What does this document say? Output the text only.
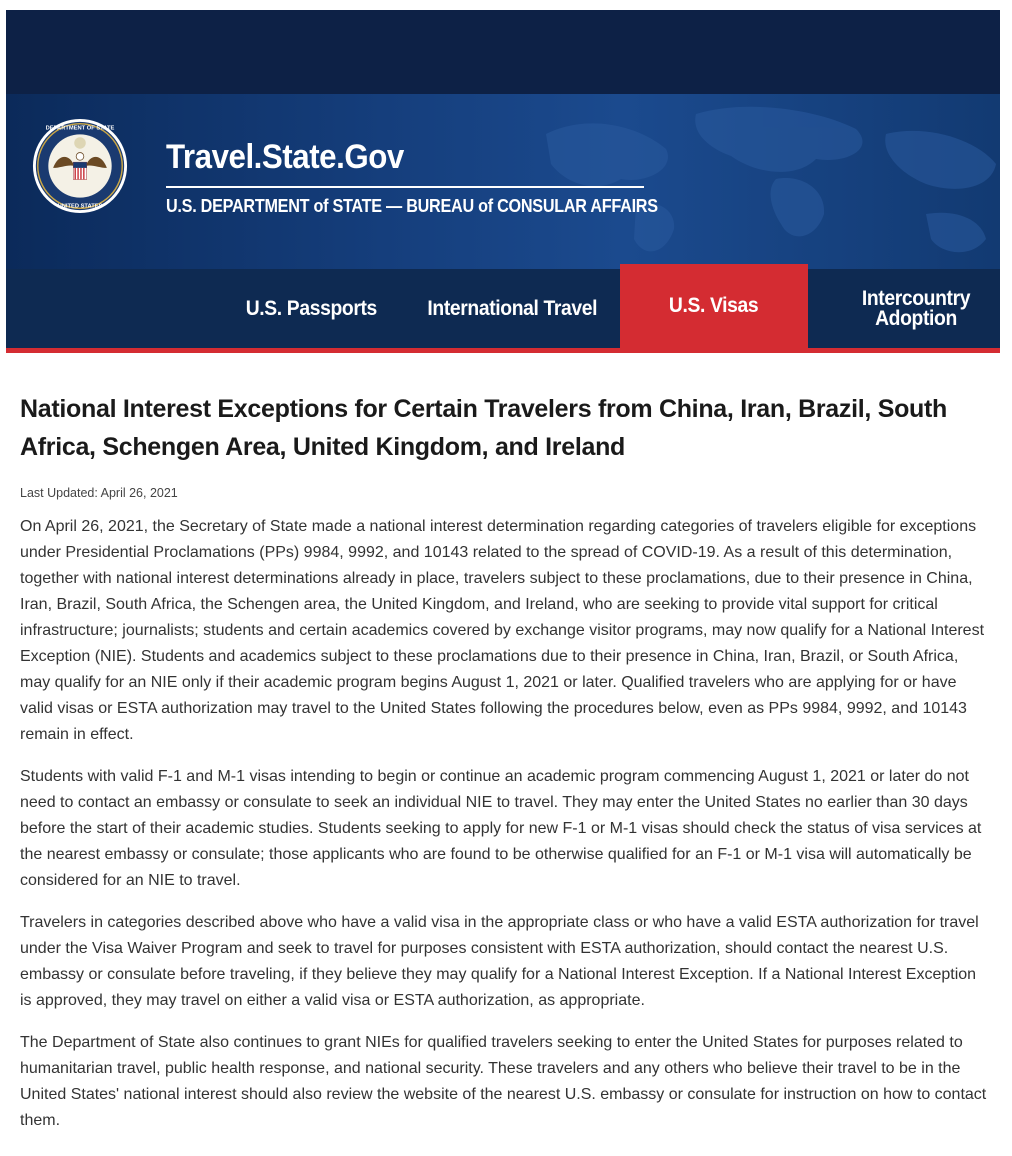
DEPARTMENT OF STATE
UNITED STATES
Travel.State.Gov
U.S. DEPARTMENT of STATE — BUREAU of CONSULAR AFFAIRS
U.S. Passports International Travel	U.S. Visas	Intercountry Adoption
National Interest Exceptions for Certain Travelers from China, Iran, Brazil, South Africa, Schengen Area, United Kingdom, and Ireland
Last Updated: April 26, 2021

On April 26, 2021, the Secretary of State made a national interest determination regarding categories of travelers eligible for exceptions under Presidential Proclamations (PPs) 9984, 9992, and 10143 related to the spread of COVID-19. As a result of this determination, together with national interest determinations already in place, travelers subject to these proclamations, due to their presence in China, Iran, Brazil, South Africa, the Schengen area, the United Kingdom, and Ireland, who are seeking to provide vital support for critical infrastructure; journalists; students and certain academics covered by exchange visitor programs, may now qualify for a National Interest Exception (NIE). Students and academics subject to these proclamations due to their presence in China, Iran, Brazil, or South Africa, may qualify for an NIE only if their academic program begins August 1, 2021 or later. Qualified travelers who are applying for or have valid visas or ESTA authorization may travel to the United States following the procedures below, even as PPs 9984, 9992, and 10143 remain in effect.

Students with valid F-1 and M-1 visas intending to begin or continue an academic program commencing August 1, 2021 or later do not need to contact an embassy or consulate to seek an individual NIE to travel. They may enter the United States no earlier than 30 days before the start of their academic studies. Students seeking to apply for new F-1 or M-1 visas should check the status of visa services at the nearest embassy or consulate; those applicants who are found to be otherwise qualified for an F-1 or M-1 visa will automatically be considered for an NIE to travel.

Travelers in categories described above who have a valid visa in the appropriate class or who have a valid ESTA authorization for travel under the Visa Waiver Program and seek to travel for purposes consistent with ESTA authorization, should contact the nearest U.S. embassy or consulate before traveling, if they believe they may qualify for a National Interest Exception. If a National Interest Exception is approved, they may travel on either a valid visa or ESTA authorization, as appropriate.

The Department of State also continues to grant NIEs for qualified travelers seeking to enter the United States for purposes related to humanitarian travel, public health response, and national security. These travelers and any others who believe their travel to be in the United States' national interest should also review the website of the nearest U.S. embassy or consulate for instruction on how to contact them.
